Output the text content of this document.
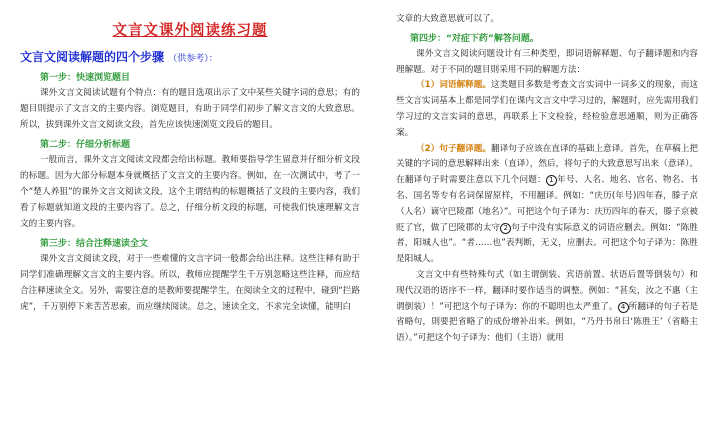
文言文课外阅读练习题
文言文阅读解题的四个步骤 （供参考）：
第一步：快速浏览题目

课外文言文阅读试题有个特点：有的题目选项出示了文中某些关键字词的意思；有的题目則提示了文言文的主要内容。浏览题目，有助于同学们初步了解文言文的大致意思。所以，拔到课外文言文阅读文段，首先应该快速浏览文段后的题目。

第二步：仔细分析标题

一般而言，课外文言文阅读文段都会给出标题。教师要指导学生留意并仔细分析文段的标题。因为大部分标题本身就概括了文言文的主要内容。例如，在一次测试中，考了一个“楚人养狙”的课外文言文阅读文段，这个主谓结构的标题概括了文段的主要内容，我们看了标题就知道文段的主要内容了。总之，仔细分析文段的标题，可使我们快速理解文言文的主要内容。

第三步：结合注释速读全文

课外文言文阅读文段，对于一些难懂的文言字词一般都会给出注释。这些注释有助于同学们准确理解文言文的主要内容。所以，教师应提醒学生千万别忽略这些注释，而应结合注释速读全文。另外，需要注意的是教师要提醒学生，在阅读全文的过程中，碰到“拦路虎”，千万别停下来苦苦思索，而应继续阅读。总之，速读全文，不求完全读懂，能明白

文章的大致意思就可以了。

第四步：“对症下药”解答问题。

课外文言文阅读问题设计有三种类型，即词语解释题、句子翻译题和内容理解题。对于不同的题目則采用不同的解题方法：

（1）词语解释题。这类题目多数是考查文言实词中一词多义的现象，而这些文言实词基本上都是同学们在课内文言文中学习过的，解题时，应先需用我们学习过的文言实词的意思，再联系上下文检验，经检验意思通顺，则为正确答案。

（2）句子翻译题。翻译句子应该在直译的基础上意译。首先，在草稿上把关键的字词的意思解释出来（直译），然后，将句子的大致意思写出来（意译）。在翻译句子时需要注意以下几个问题： 1 年号、人名、地名、官名、物名、书名、国名等专有名词保留原样，不用翻译。例如：“庆历(年号)四年春，滕子京（人名）谪守巴陵郡（地名）”。可把这个句子译为：庆历四年的春天，滕子京被贬了官，做了巴陵郡的太守 2 句子中没有实际意义的词语应删去。例如：“陈胜者，阳城人也”。“者……也”表判断，无义，应删去。可把这个句子译为：陈胜是阳城人。

文言文中有些特殊句式（如主谓倒装、宾语前置、状语后置等倒装句）和现代汉语的语序不一样，翻译时要作适当的调整。例如：“甚矣，汝之不惠（主谓倒装）！”可把这个句子译为：你的不聪明也太严重了。 4 所翻译的句子若是省略句，則要把省略了的成份增补出来。例如，“乃丹书帛曰‘陈胜王’（省略主语）。”可把这个句子译为：他们（主语）就用
